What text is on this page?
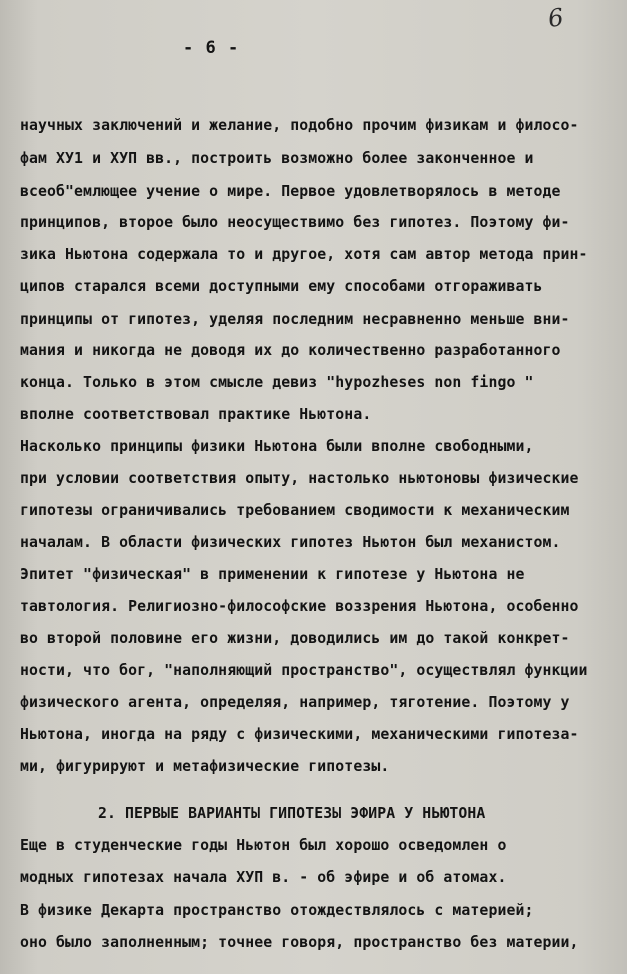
6
- 6 -
научных заключений и желание, подобно прочим физикам и филосо-
фам ХУ1 и ХУП вв., построить возможно более законченное и
всеоб"емлющее учение о мире. Первое удовлетворялось в методе
принципов, второе было неосуществимо без гипотез. Поэтому фи-
зика Ньютона содержала то и другое, хотя сам автор метода прин-
ципов старался всеми доступными ему способами отгораживать
принципы от гипотез, уделяя последним несравненно меньше вни-
мания и никогда не доводя их до количественно разработанного
конца. Только в этом смысле девиз "hypozheses non fingo "
вполне соответствовал практике Ньютона.
Насколько принципы физики Ньютона были вполне свободными,
при условии соответствия опыту, настолько ньютоновы физические
гипотезы ограничивались требованием сводимости к механическим
началам. В области физических гипотез Ньютон был механистом.
Эпитет "физическая" в применении к гипотезе у Ньютона не
тавтология. Религиозно-философские воззрения Ньютона, особенно
во второй половине его жизни, доводились им до такой конкрет-
ности, что бог, "наполняющий пространство", осуществлял функции
физического агента, определяя, например, тяготение. Поэтому у
Ньютона, иногда на ряду с физическими, механическими гипотеза-
ми, фигурируют и метафизические гипотезы.
2. ПЕРВЫЕ ВАРИАНТЫ ГИПОТЕЗЫ ЭФИРА У НЬЮТОНА
Еще в студенческие годы Ньютон был хорошо осведомлен о
модных гипотезах начала ХУП в. - об эфире и об атомах.
В физике Декарта пространство отождествлялось с материей;
оно было заполненным; точнее говоря, пространство без материи,
